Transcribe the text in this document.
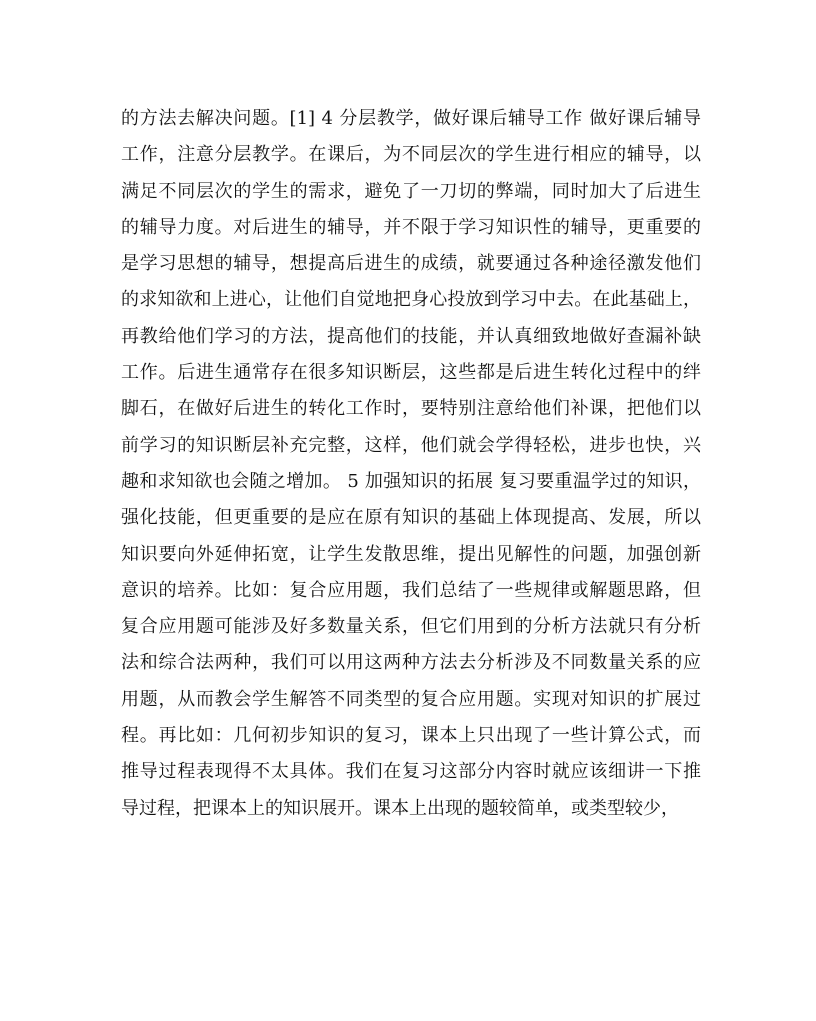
的方法去解决问题。[1] 4 分层教学，做好课后辅导工作 做好课后辅导
工作，注意分层教学。在课后，为不同层次的学生进行相应的辅导，以
满足不同层次的学生的需求，避免了一刀切的弊端，同时加大了后进生
的辅导力度。对后进生的辅导，并不限于学习知识性的辅导，更重要的
是学习思想的辅导，想提高后进生的成绩，就要通过各种途径激发他们
的求知欲和上进心，让他们自觉地把身心投放到学习中去。在此基础上，
再教给他们学习的方法，提高他们的技能，并认真细致地做好查漏补缺
工作。后进生通常存在很多知识断层，这些都是后进生转化过程中的绊
脚石，在做好后进生的转化工作时，要特别注意给他们补课，把他们以
前学习的知识断层补充完整，这样，他们就会学得轻松，进步也快，兴
趣和求知欲也会随之增加。 5 加强知识的拓展 复习要重温学过的知识，
强化技能，但更重要的是应在原有知识的基础上体现提高、发展，所以
知识要向外延伸拓宽，让学生发散思维，提出见解性的问题，加强创新
意识的培养。比如：复合应用题，我们总结了一些规律或解题思路，但
复合应用题可能涉及好多数量关系，但它们用到的分析方法就只有分析
法和综合法两种，我们可以用这两种方法去分析涉及不同数量关系的应
用题，从而教会学生解答不同类型的复合应用题。实现对知识的扩展过
程。再比如：几何初步知识的复习，课本上只出现了一些计算公式，而
推导过程表现得不太具体。我们在复习这部分内容时就应该细讲一下推
导过程，把课本上的知识展开。课本上出现的题较简单，或类型较少，
